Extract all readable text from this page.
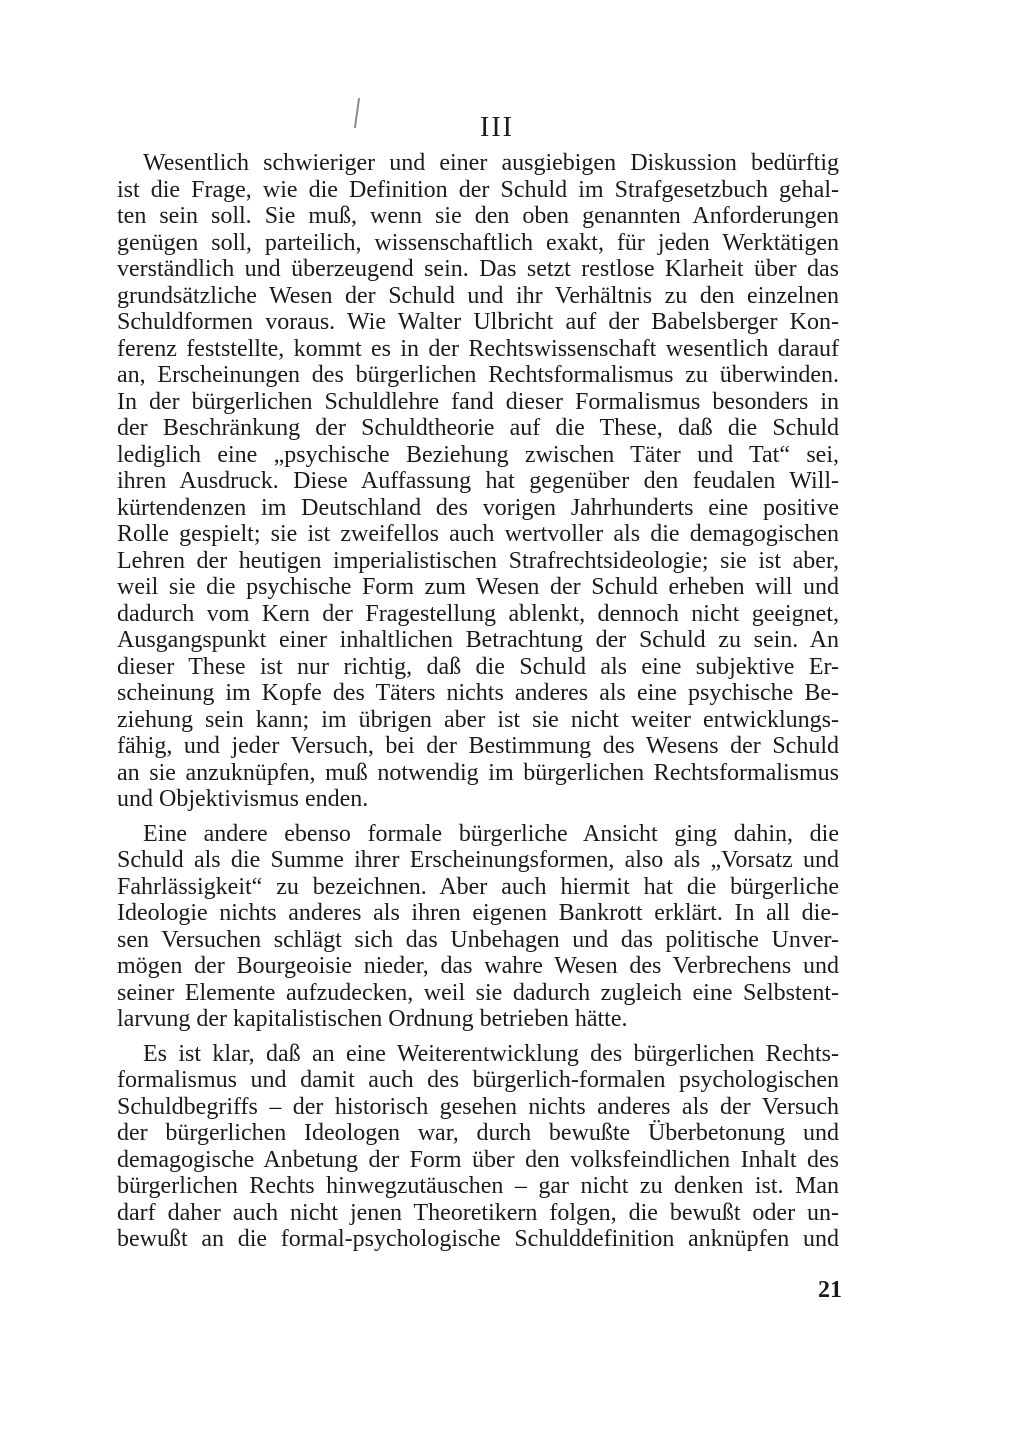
III

Wesentlich schwieriger und einer ausgiebigen Diskussion bedürftig
ist die Frage, wie die Definition der Schuld im Strafgesetzbuch gehal-
ten sein soll. Sie muß, wenn sie den oben genannten Anforderungen
genügen soll, parteilich, wissenschaftlich exakt, für jeden Werktätigen
verständlich und überzeugend sein. Das setzt restlose Klarheit über das
grundsätzliche Wesen der Schuld und ihr Verhältnis zu den einzelnen
Schuldformen voraus. Wie Walter Ulbricht auf der Babelsberger Kon-
ferenz feststellte, kommt es in der Rechtswissenschaft wesentlich darauf
an, Erscheinungen des bürgerlichen Rechtsformalismus zu überwinden.
In der bürgerlichen Schuldlehre fand dieser Formalismus besonders in
der Beschränkung der Schuldtheorie auf die These, daß die Schuld
lediglich eine „psychische Beziehung zwischen Täter und Tat“ sei,
ihren Ausdruck. Diese Auffassung hat gegenüber den feudalen Will-
kürtendenzen im Deutschland des vorigen Jahrhunderts eine positive
Rolle gespielt; sie ist zweifellos auch wertvoller als die demagogischen
Lehren der heutigen imperialistischen Strafrechtsideologie; sie ist aber,
weil sie die psychische Form zum Wesen der Schuld erheben will und
dadurch vom Kern der Fragestellung ablenkt, dennoch nicht geeignet,
Ausgangspunkt einer inhaltlichen Betrachtung der Schuld zu sein. An
dieser These ist nur richtig, daß die Schuld als eine subjektive Er-
scheinung im Kopfe des Täters nichts anderes als eine psychische Be-
ziehung sein kann; im übrigen aber ist sie nicht weiter entwicklungs-
fähig, und jeder Versuch, bei der Bestimmung des Wesens der Schuld
an sie anzuknüpfen, muß notwendig im bürgerlichen Rechtsformalismus
und Objektivismus enden.

Eine andere ebenso formale bürgerliche Ansicht ging dahin, die
Schuld als die Summe ihrer Erscheinungsformen, also als „Vorsatz und
Fahrlässigkeit“ zu bezeichnen. Aber auch hiermit hat die bürgerliche
Ideologie nichts anderes als ihren eigenen Bankrott erklärt. In all die-
sen Versuchen schlägt sich das Unbehagen und das politische Unver-
mögen der Bourgeoisie nieder, das wahre Wesen des Verbrechens und
seiner Elemente aufzudecken, weil sie dadurch zugleich eine Selbstent-
larvung der kapitalistischen Ordnung betrieben hätte.

Es ist klar, daß an eine Weiterentwicklung des bürgerlichen Rechts-
formalismus und damit auch des bürgerlich-formalen psychologischen
Schuldbegriffs – der historisch gesehen nichts anderes als der Versuch
der bürgerlichen Ideologen war, durch bewußte Überbetonung und
demagogische Anbetung der Form über den volksfeindlichen Inhalt des
bürgerlichen Rechts hinwegzutäuschen – gar nicht zu denken ist. Man
darf daher auch nicht jenen Theoretikern folgen, die bewußt oder un-
bewußt an die formal-psychologische Schulddefinition anknüpfen und

21
